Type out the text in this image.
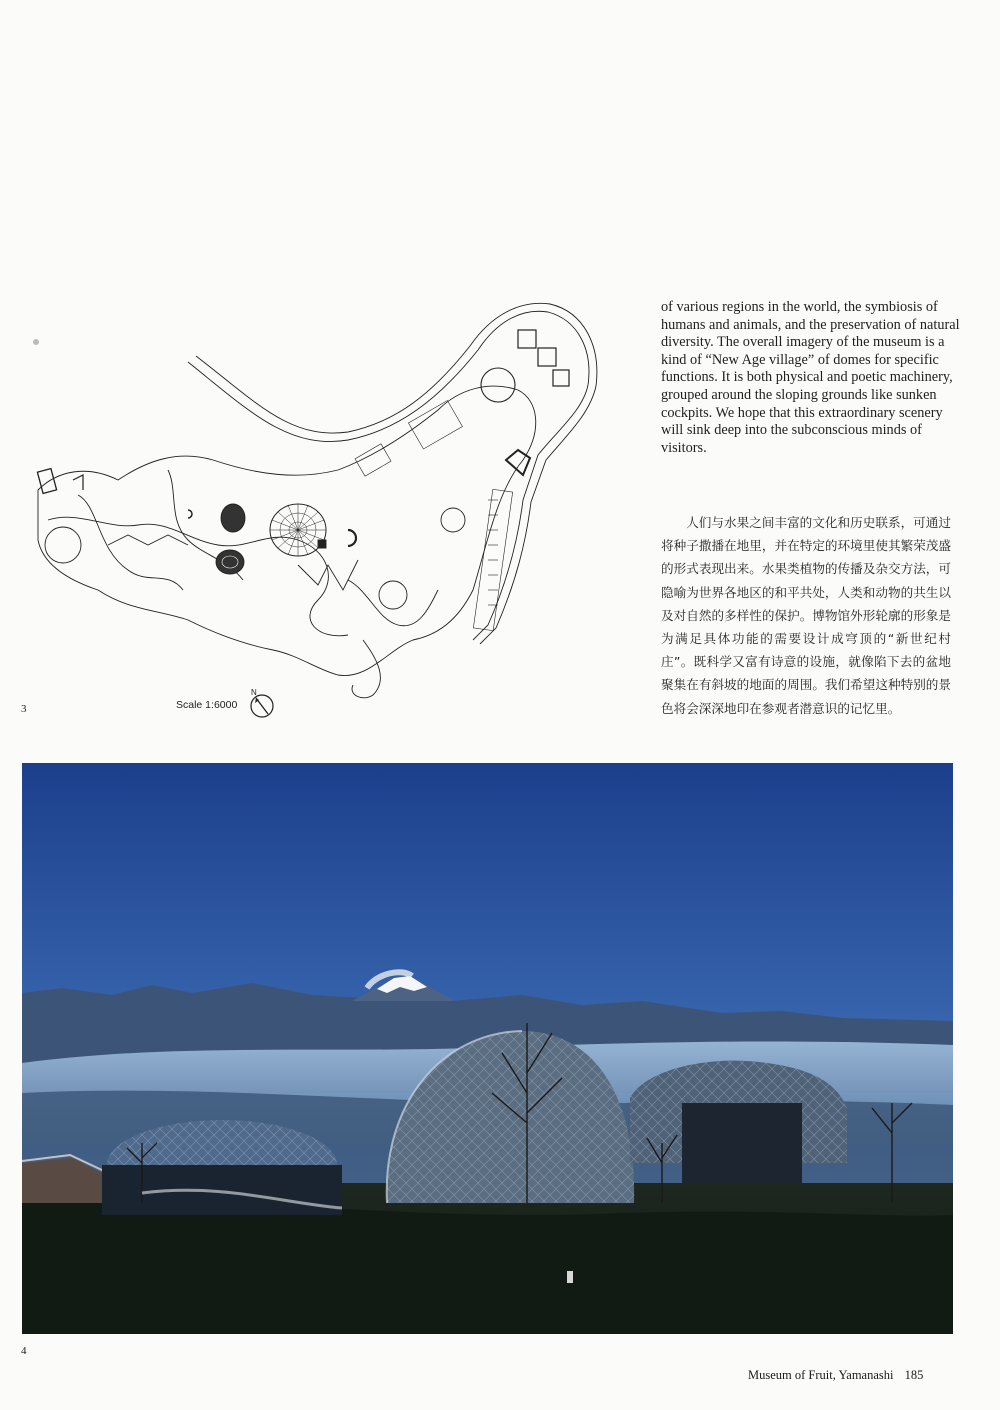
3	Scale 1:6000
N
of various regions in the world, the symbiosis of humans and animals, and the preservation of natural diversity. The overall imagery of the museum is a kind of “New Age village” of domes for specific functions. It is both physical and poetic machinery, grouped around the sloping grounds like sunken cockpits. We hope that this extraordinary scenery will sink deep into the subconscious minds of visitors.
人们与水果之间丰富的文化和历史联系，可通过将种子撒播在地里，并在特定的环境里使其繁荣茂盛的形式表现出来。水果类植物的传播及杂交方法，可隐喻为世界各地区的和平共处，人类和动物的共生以及对自然的多样性的保护。博物馆外形轮廓的形象是为满足具体功能的需要设计成穹顶的“新世纪村庄”。既科学又富有诗意的设施，就像陷下去的盆地聚集在有斜坡的地面的周围。我们希望这种特别的景色将会深深地印在参观者潜意识的记忆里。
4
Museum of Fruit, Yamanashi 185
